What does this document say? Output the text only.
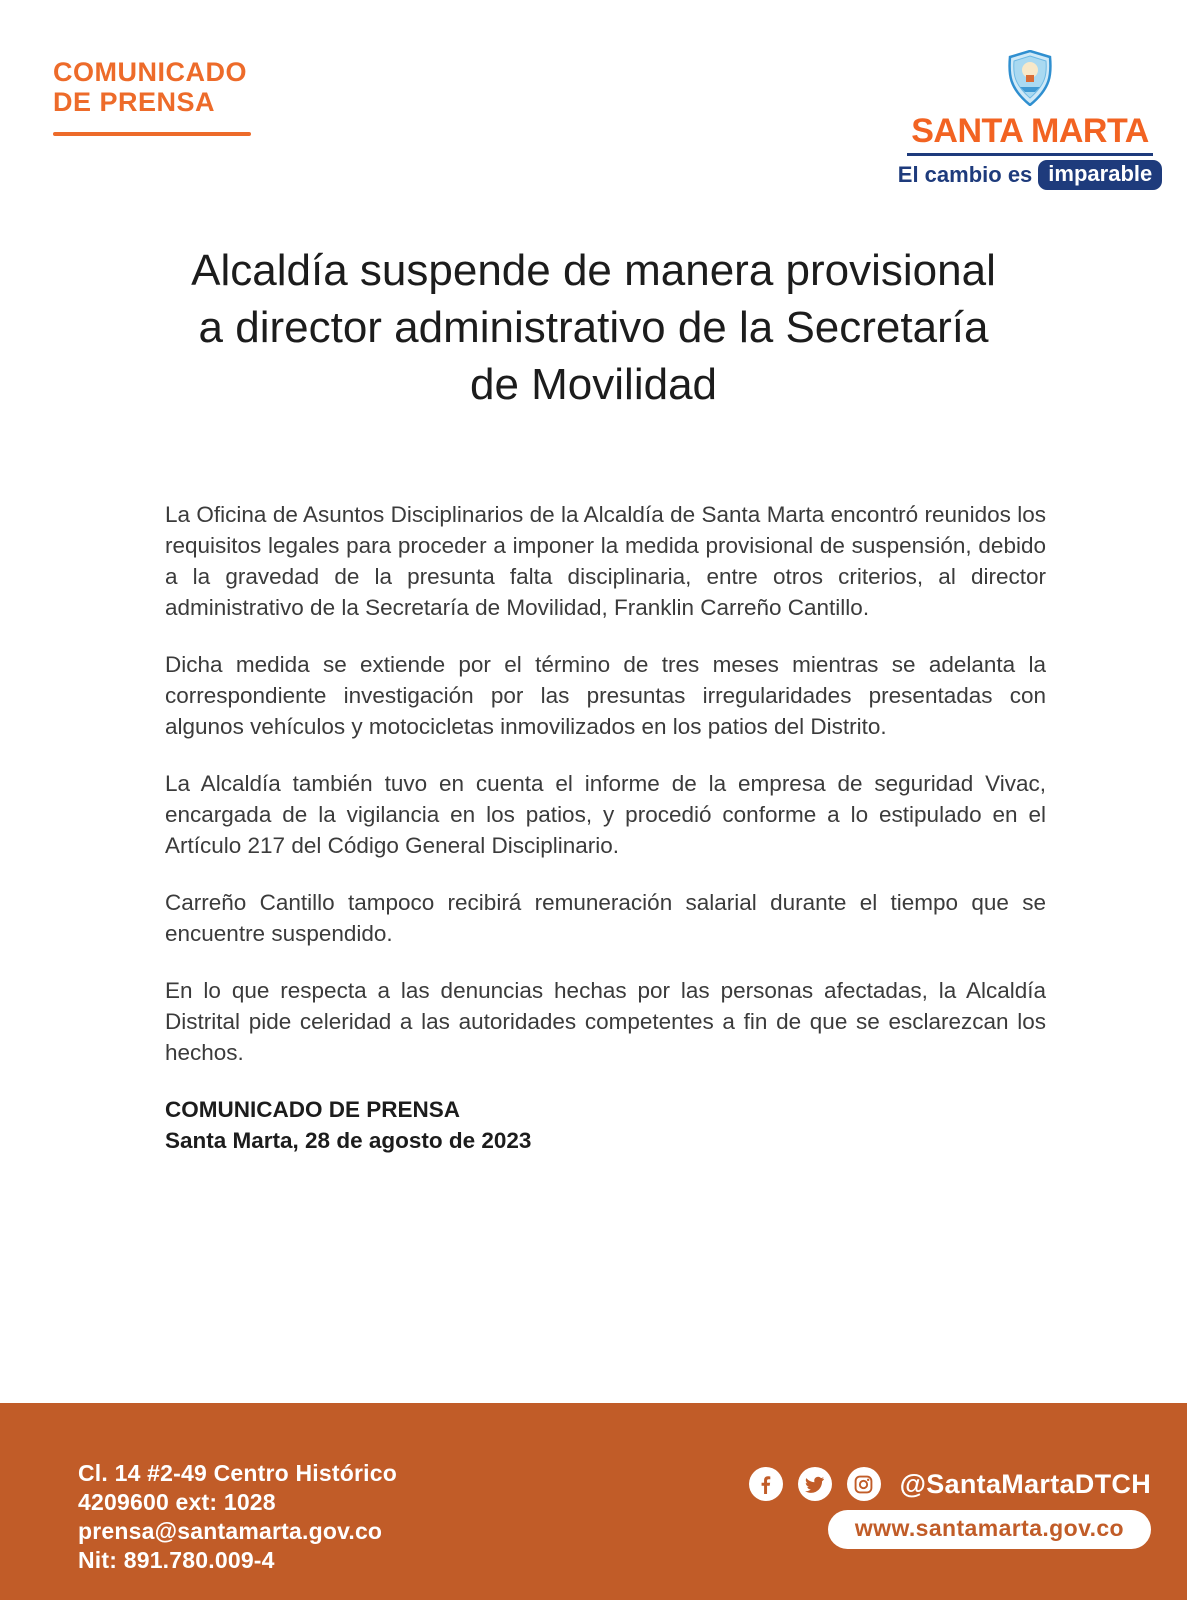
COMUNICADO
DE PRENSA
SANTA MARTA
El cambio es imparable
Alcaldía suspende de manera provisional
a director administrativo de la Secretaría
de Movilidad

La Oficina de Asuntos Disciplinarios de la Alcaldía de Santa Marta encontró reunidos los requisitos legales para proceder a imponer la medida provisional de suspensión, debido a la gravedad de la presunta falta disciplinaria, entre otros criterios, al director administrativo de la Secretaría de Movilidad, Franklin Carreño Cantillo.

Dicha medida se extiende por el término de tres meses mientras se adelanta la correspondiente investigación por las presuntas irregularidades presentadas con algunos vehículos y motocicletas inmovilizados en los patios del Distrito.

La Alcaldía también tuvo en cuenta el informe de la empresa de seguridad Vivac, encargada de la vigilancia en los patios, y procedió conforme a lo estipulado en el Artículo 217 del Código General Disciplinario.

Carreño Cantillo tampoco recibirá remuneración salarial durante el tiempo que se encuentre suspendido.

En lo que respecta a las denuncias hechas por las personas afectadas, la Alcaldía Distrital pide celeridad a las autoridades competentes a fin de que se esclarezcan los hechos.

COMUNICADO DE PRENSA
Santa Marta, 28 de agosto de 2023
Cl. 14 #2-49 Centro Histórico
4209600 ext: 1028
prensa@santamarta.gov.co
Nit: 891.780.009-4
@SantaMartaDTCH
www.santamarta.gov.co
